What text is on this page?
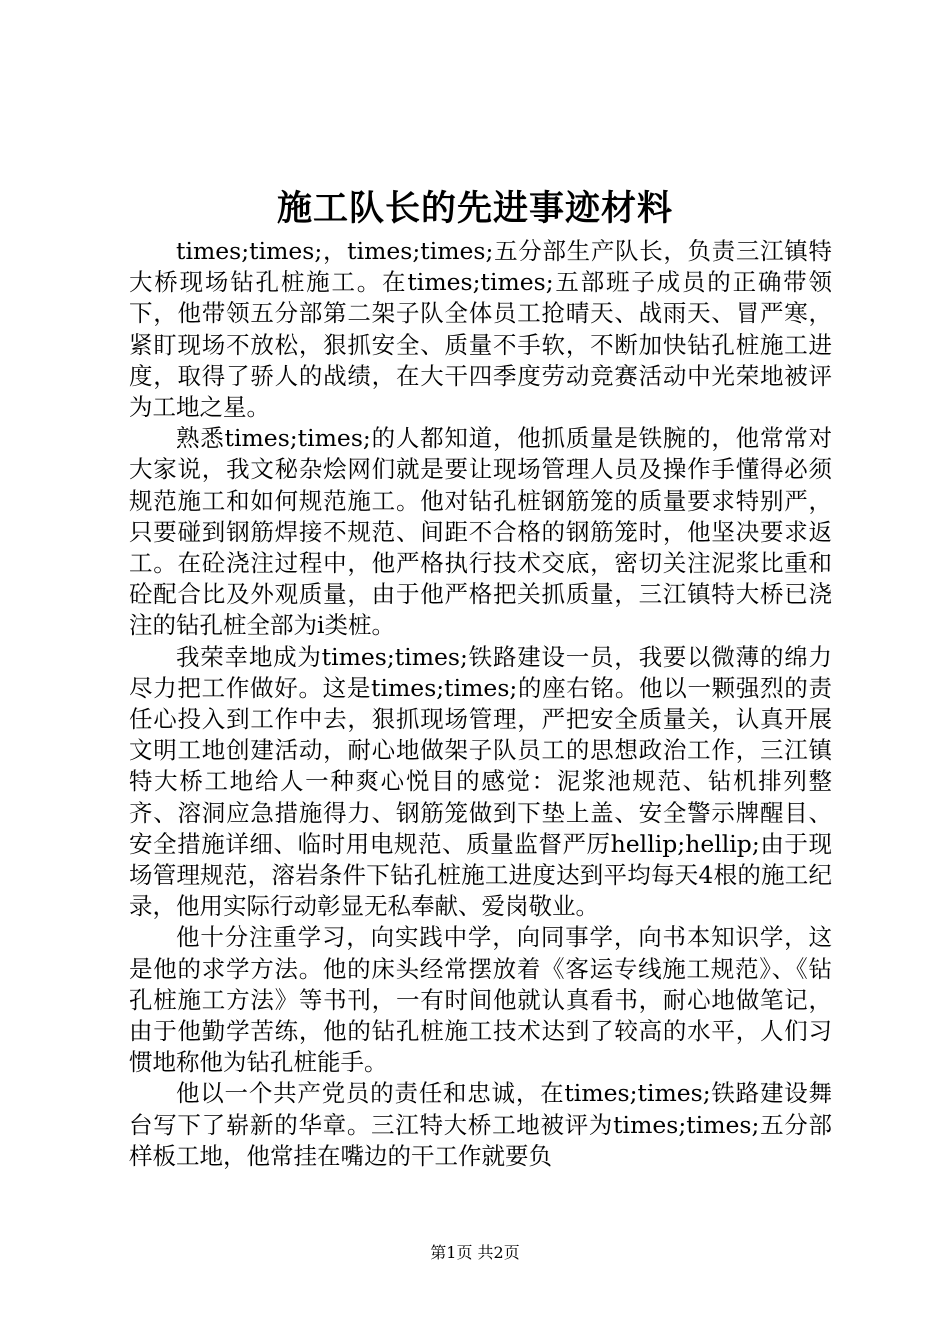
施工队长的先进事迹材料

times;times;，times;times;五分部生产队长，负责三江镇特大桥现场钻孔桩施工。在times;times;五部班子成员的正确带领下，他带领五分部第二架子队全体员工抢晴天、战雨天、冒严寒，紧盯现场不放松，狠抓安全、质量不手软，不断加快钻孔桩施工进度，取得了骄人的战绩，在大干四季度劳动竞赛活动中光荣地被评为工地之星。

熟悉times;times;的人都知道，他抓质量是铁腕的，他常常对大家说，我文秘杂烩网们就是要让现场管理人员及操作手懂得必须规范施工和如何规范施工。他对钻孔桩钢筋笼的质量要求特别严，只要碰到钢筋焊接不规范、间距不合格的钢筋笼时，他坚决要求返工。在砼浇注过程中，他严格执行技术交底，密切关注泥浆比重和砼配合比及外观质量，由于他严格把关抓质量，三江镇特大桥已浇注的钻孔桩全部为i类桩。

我荣幸地成为times;times;铁路建设一员，我要以微薄的绵力尽力把工作做好。这是times;times;的座右铭。他以一颗强烈的责任心投入到工作中去，狠抓现场管理，严把安全质量关，认真开展文明工地创建活动，耐心地做架子队员工的思想政治工作，三江镇特大桥工地给人一种爽心悦目的感觉：泥浆池规范、钻机排列整齐、溶洞应急措施得力、钢筋笼做到下垫上盖、安全警示牌醒目、安全措施详细、临时用电规范、质量监督严厉hellip;hellip;由于现场管理规范，溶岩条件下钻孔桩施工进度达到平均每天4根的施工纪录，他用实际行动彰显无私奉献、爱岗敬业。

他十分注重学习，向实践中学，向同事学，向书本知识学，这是他的求学方法。他的床头经常摆放着《客运专线施工规范》、《钻孔桩施工方法》等书刊，一有时间他就认真看书，耐心地做笔记，由于他勤学苦练，他的钻孔桩施工技术达到了较高的水平，人们习惯地称他为钻孔桩能手。

他以一个共产党员的责任和忠诚，在times;times;铁路建设舞台写下了崭新的华章。三江特大桥工地被评为times;times;五分部样板工地，他常挂在嘴边的干工作就要负

第1页 共2页
